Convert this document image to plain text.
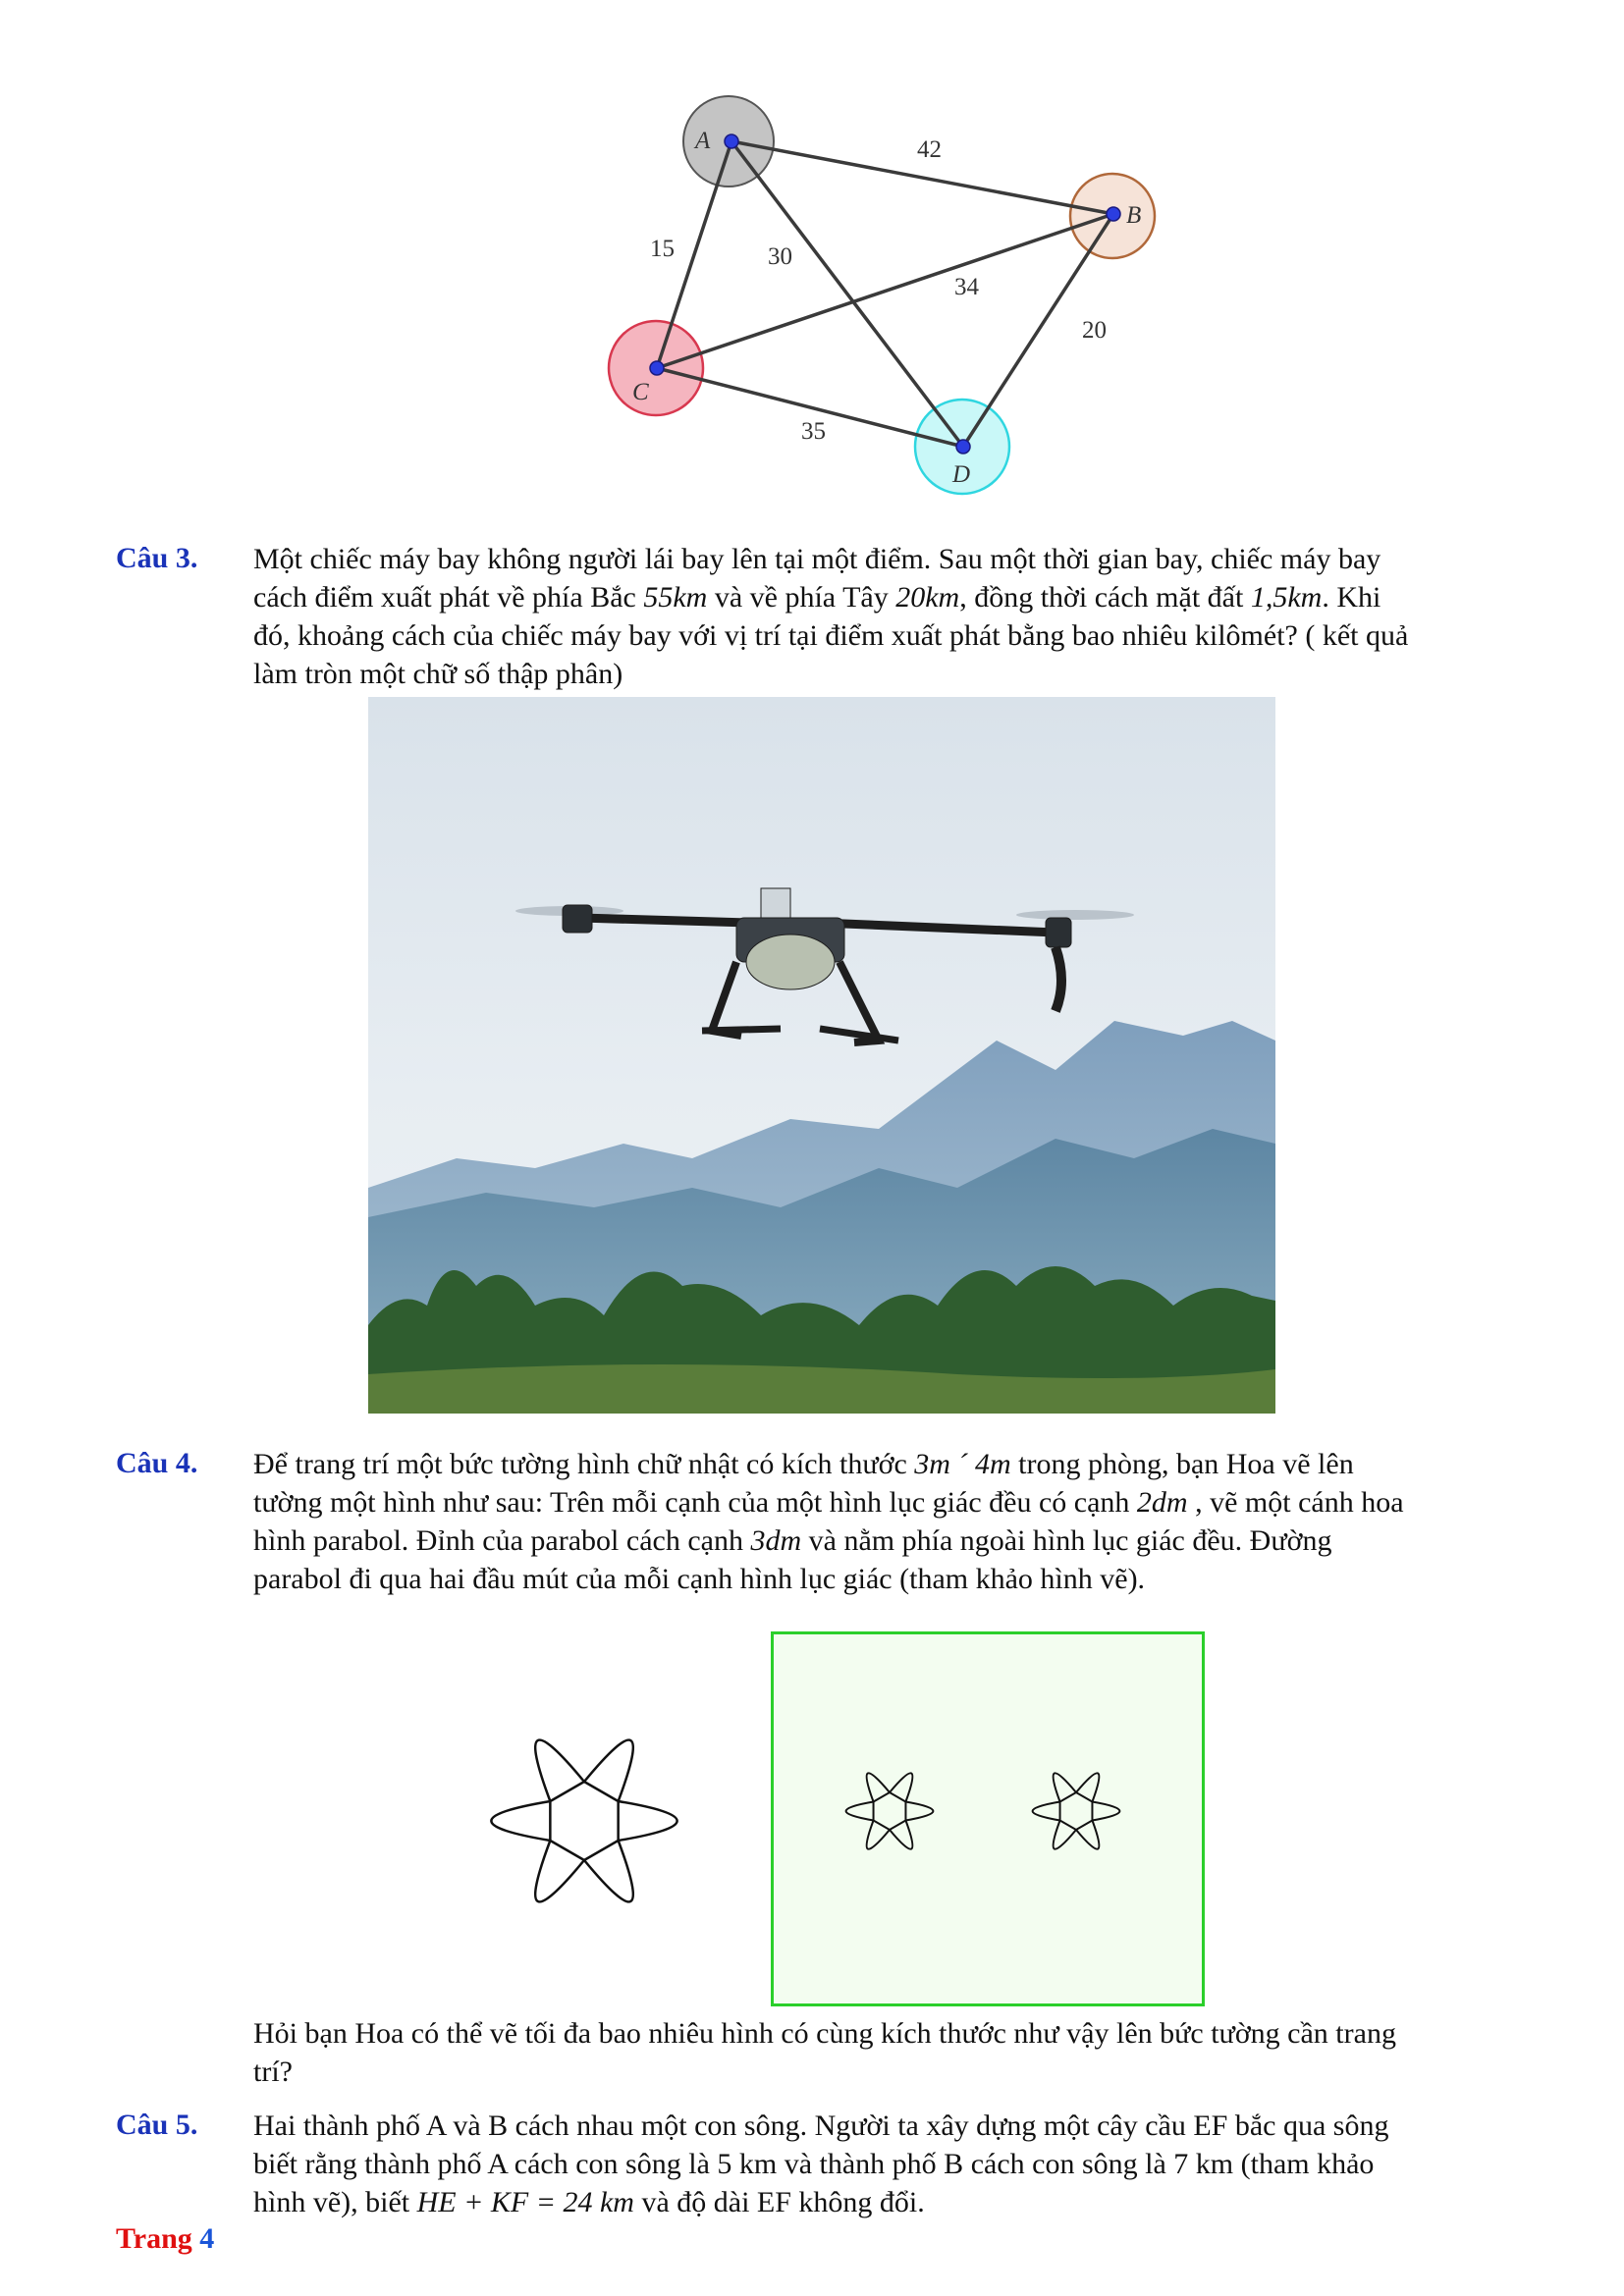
A
B
C
D
42
15	30
34
20
35
Câu 3. Một chiếc máy bay không người lái bay lên tại một điểm. Sau một thời gian bay, chiếc máy bay
cách điểm xuất phát về phía Bắc 55km và về phía Tây 20km, đồng thời cách mặt đất 1,5km. Khi
đó, khoảng cách của chiếc máy bay với vị trí tại điểm xuất phát bằng bao nhiêu kilômét? ( kết quả
làm tròn một chữ số thập phân)
Câu 4. Để trang trí một bức tường hình chữ nhật có kích thước 3m ´ 4m trong phòng, bạn Hoa vẽ lên
tường một hình như sau: Trên mỗi cạnh của một hình lục giác đều có cạnh 2dm , vẽ một cánh hoa
hình parabol. Đỉnh của parabol cách cạnh 3dm và nằm phía ngoài hình lục giác đều. Đường
parabol đi qua hai đầu mút của mỗi cạnh hình lục giác (tham khảo hình vẽ).
Hỏi bạn Hoa có thể vẽ tối đa bao nhiêu hình có cùng kích thước như vậy lên bức tường cần trang
trí?
Câu 5. Hai thành phố A và B cách nhau một con sông. Người ta xây dựng một cây cầu EF bắc qua sông
biết rằng thành phố A cách con sông là 5 km và thành phố B cách con sông là 7 km (tham khảo
hình vẽ), biết HE + KF = 24 km và độ dài EF không đổi.
Trang 4
